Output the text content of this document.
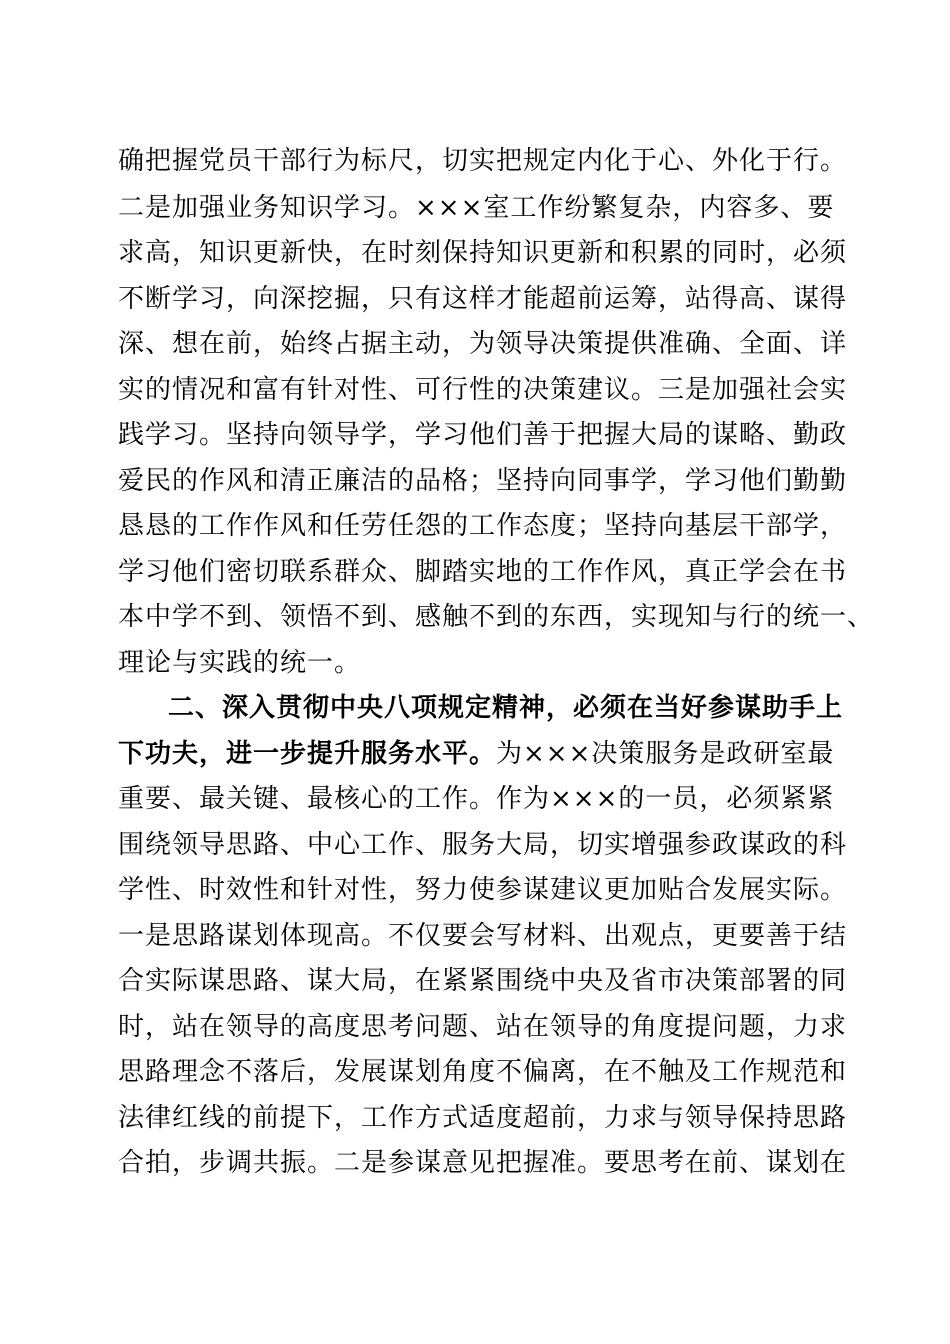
确把握党员干部行为标尺，切实把规定内化于心、外化于行。
二是加强业务知识学习。×××室工作纷繁复杂，内容多、要
求高，知识更新快，在时刻保持知识更新和积累的同时，必须
不断学习，向深挖掘，只有这样才能超前运筹，站得高、谋得
深、想在前，始终占据主动，为领导决策提供准确、全面、详
实的情况和富有针对性、可行性的决策建议。三是加强社会实
践学习。坚持向领导学，学习他们善于把握大局的谋略、勤政
爱民的作风和清正廉洁的品格；坚持向同事学，学习他们勤勤
恳恳的工作作风和任劳任怨的工作态度；坚持向基层干部学，
学习他们密切联系群众、脚踏实地的工作作风，真正学会在书
本中学不到、领悟不到、感触不到的东西，实现知与行的统一、
理论与实践的统一。
二、深入贯彻中央八项规定精神，必须在当好参谋助手上
下功夫，进一步提升服务水平。为×××决策服务是政研室最
重要、最关键、最核心的工作。作为×××的一员，必须紧紧
围绕领导思路、中心工作、服务大局，切实增强参政谋政的科
学性、时效性和针对性，努力使参谋建议更加贴合发展实际。
一是思路谋划体现高。不仅要会写材料、出观点，更要善于结
合实际谋思路、谋大局，在紧紧围绕中央及省市决策部署的同
时，站在领导的高度思考问题、站在领导的角度提问题，力求
思路理念不落后，发展谋划角度不偏离，在不触及工作规范和
法律红线的前提下，工作方式适度超前，力求与领导保持思路
合拍，步调共振。二是参谋意见把握准。要思考在前、谋划在
